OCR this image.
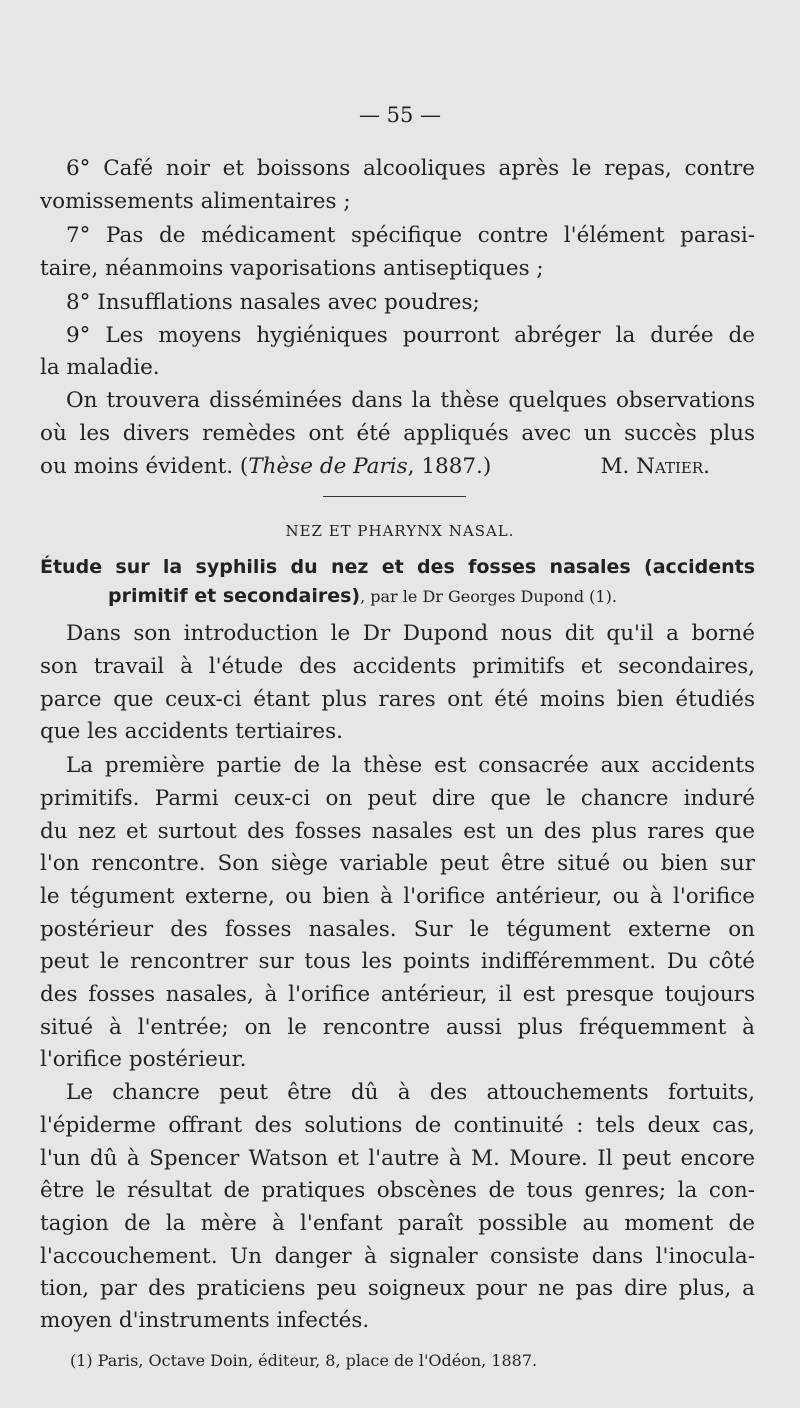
— 55 —
6° Café noir et boissons alcooliques après le repas, contre
vomissements alimentaires ;
7° Pas de médicament spécifique contre l'élément parasi-
taire, néanmoins vaporisations antiseptiques ;
8° Insufflations nasales avec poudres;
9° Les moyens hygiéniques pourront abréger la durée de
la maladie.
On trouvera disséminées dans la thèse quelques observations
où les divers remèdes ont été appliqués avec un succès plus
ou moins évident. (Thèse de Paris, 1887.)	M. Natier.
NEZ ET PHARYNX NASAL.
Étude sur la syphilis du nez et des fosses nasales (accidents
primitif et secondaires), par le Dr Georges Dupond (1).
Dans son introduction le Dr Dupond nous dit qu'il a borné
son travail à l'étude des accidents primitifs et secondaires,
parce que ceux-ci étant plus rares ont été moins bien étudiés
que les accidents tertiaires.
La première partie de la thèse est consacrée aux accidents
primitifs. Parmi ceux-ci on peut dire que le chancre induré
du nez et surtout des fosses nasales est un des plus rares que
l'on rencontre. Son siège variable peut être situé ou bien sur
le tégument externe, ou bien à l'orifice antérieur, ou à l'orifice
postérieur des fosses nasales. Sur le tégument externe on
peut le rencontrer sur tous les points indifféremment. Du côté
des fosses nasales, à l'orifice antérieur, il est presque toujours
situé à l'entrée; on le rencontre aussi plus fréquemment à
l'orifice postérieur.
Le chancre peut être dû à des attouchements fortuits,
l'épiderme offrant des solutions de continuité : tels deux cas,
l'un dû à Spencer Watson et l'autre à M. Moure. Il peut encore
être le résultat de pratiques obscènes de tous genres; la con-
tagion de la mère à l'enfant paraît possible au moment de
l'accouchement. Un danger à signaler consiste dans l'inocula-
tion, par des praticiens peu soigneux pour ne pas dire plus, a
moyen d'instruments infectés.
(1) Paris, Octave Doin, éditeur, 8, place de l'Odéon, 1887.
